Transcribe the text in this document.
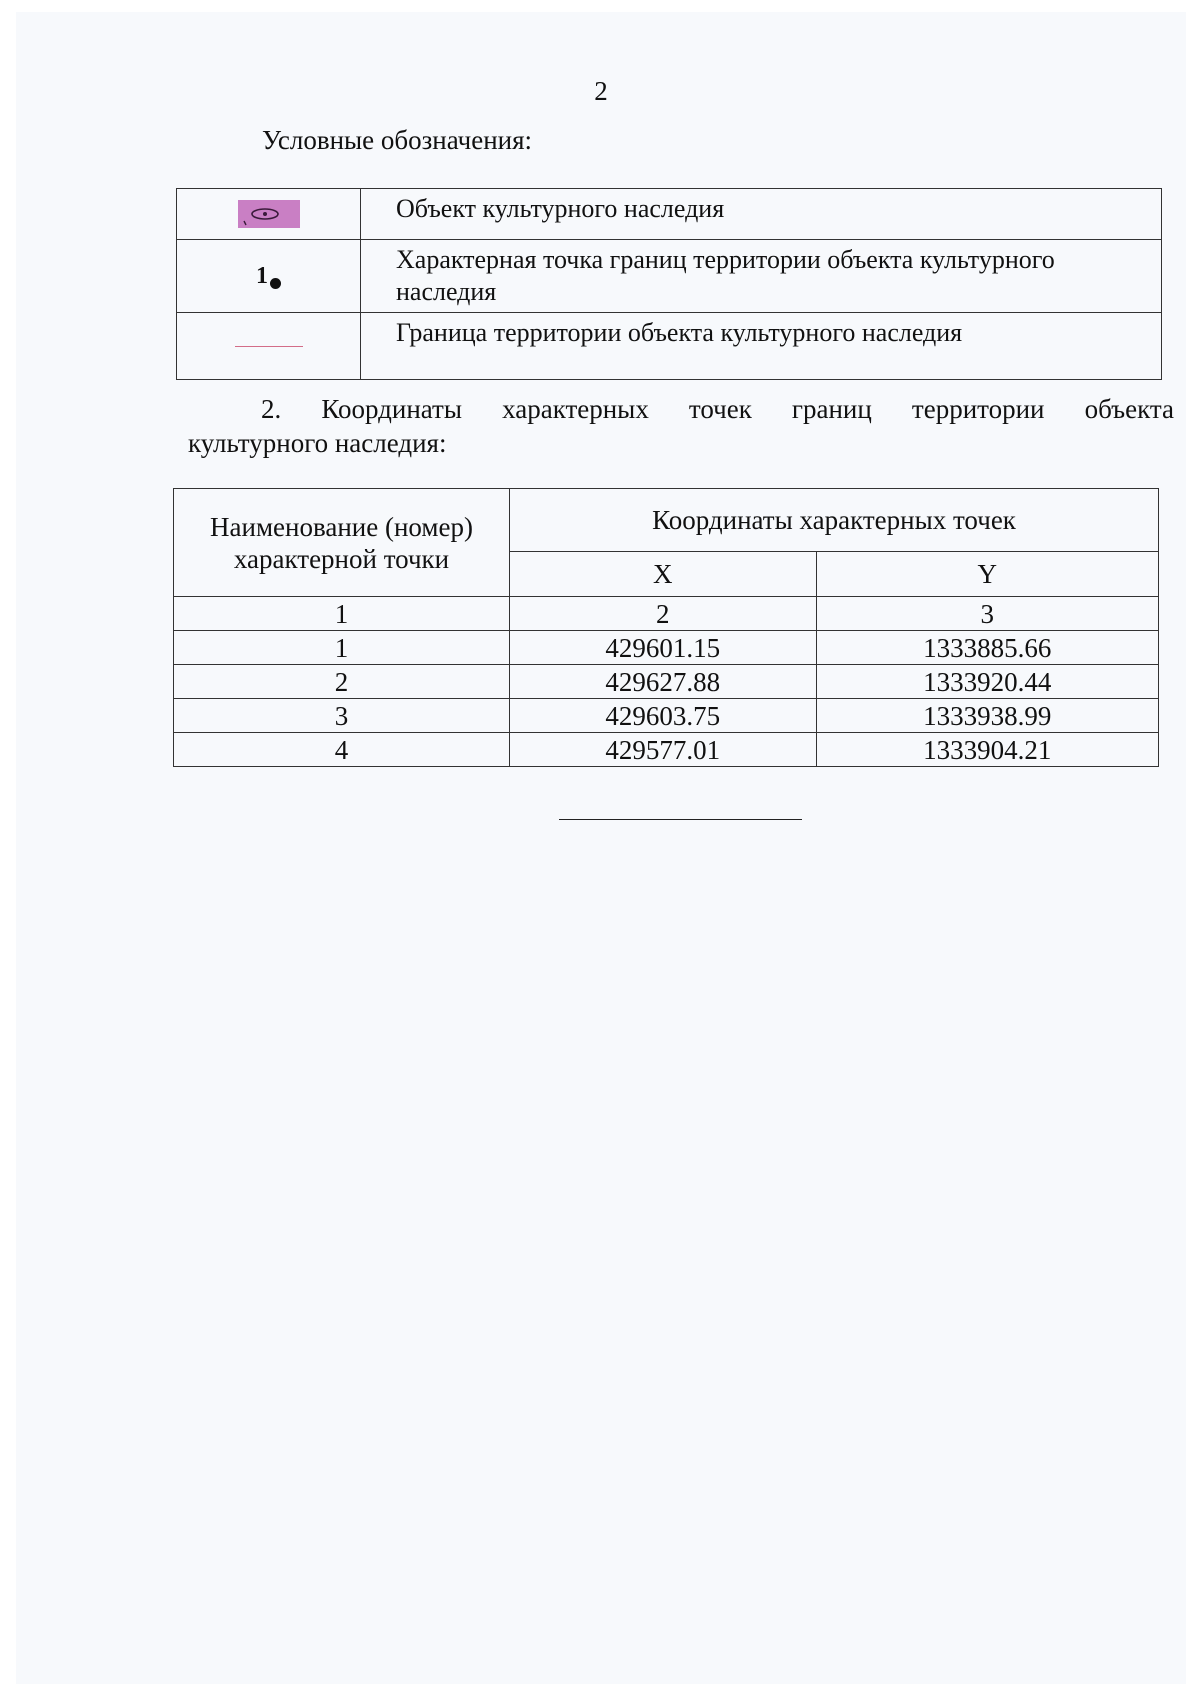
2
Условные обозначения:
	Объект культурного наследия
1	Характерная точка границ территории объекта культурного наследия
	Граница территории объекта культурного наследия
2. Координаты характерных точек границ территории объекта
культурного наследия:
Наименование (номер) характерной точки	Координаты характерных точек	
	X	Y
1	2	3
1	429601.15	1333885.66
2	429627.88	1333920.44
3	429603.75	1333938.99
4	429577.01	1333904.21
